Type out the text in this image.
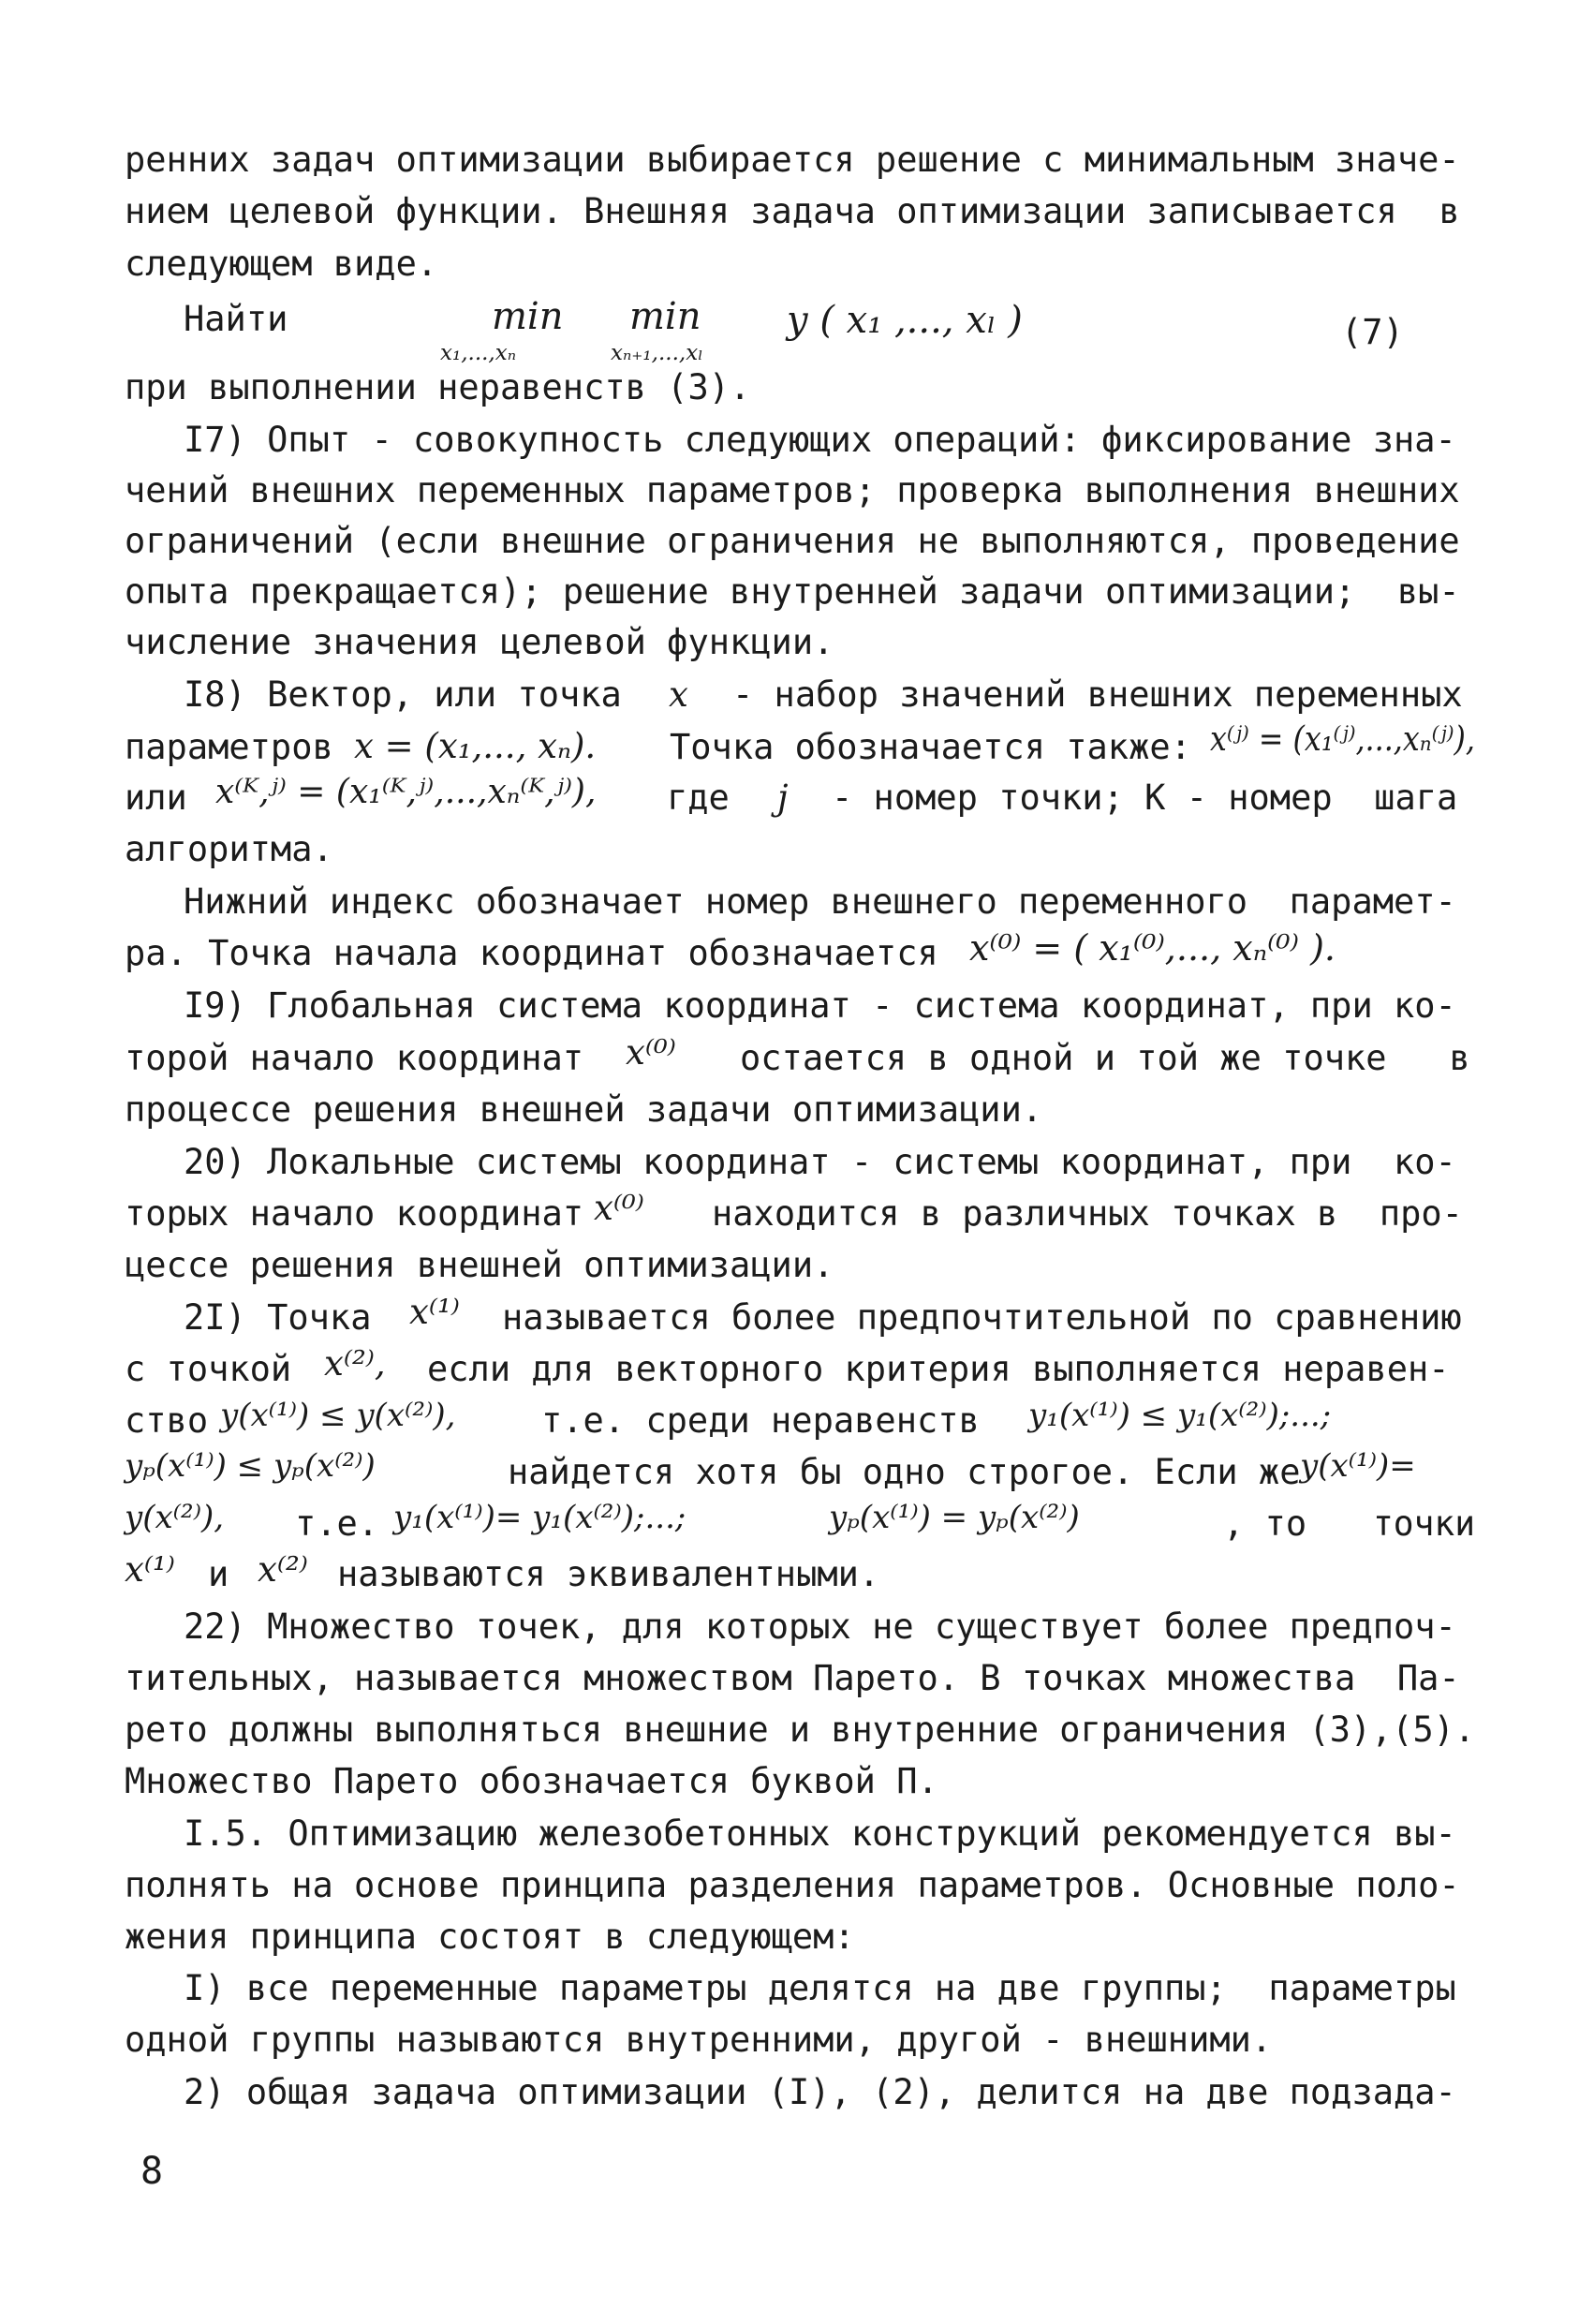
ренних задач оптимизации выбирается решение с минимальным значе-
нием целевой функции. Внешняя задача оптимизации записывается  в
следующем виде.
Найти	min min y ( x₁ ,..., xₗ )
x₁,...,xₙ	xₙ₊₁,...,xₗ
(7)
при выполнении неравенств (3).
I7) Опыт - совокупность следующих операций: фиксирование зна-
чений внешних переменных параметров; проверка выполнения внешних
ограничений (если внешние ограничения не выполняются, проведение
опыта прекращается); решение внутренней задачи оптимизации;  вы-
числение значения целевой функции.
I8) Вектор, или точка x - набор значений внешних переменных
параметров x = (x₁,..., xₙ). Точка обозначается также: x⁽ʲ⁾ = (x₁⁽ʲ⁾,...,xₙ⁽ʲ⁾),
или x⁽ᴷ,ʲ⁾ = (x₁⁽ᴷ,ʲ⁾,...,xₙ⁽ᴷ,ʲ⁾), где j - номер точки; К - номер  шага
алгоритма.
Нижний индекс обозначает номер внешнего переменного  парамет-
ра. Точка начала координат обозначается x⁽⁰⁾ = ( x₁⁽⁰⁾,..., xₙ⁽⁰⁾ ).
I9) Глобальная система координат - система координат, при ко-
торой начало координат x⁽⁰⁾ остается в одной и той же точке   в
процессе решения внешней задачи оптимизации.
20) Локальные системы координат - системы координат, при  ко-
торых начало координат x⁽⁰⁾ находится в различных точках в  про-
цессе решения внешней оптимизации.
2I) Точка x⁽¹⁾ называется более предпочтительной по сравнению
с точкой x⁽²⁾, если для векторного критерия выполняется неравен-
ство y(x⁽¹⁾) ≤ y(x⁽²⁾), т.е. среди неравенств y₁(x⁽¹⁾) ≤ y₁(x⁽²⁾);...;
yₚ(x⁽¹⁾) ≤ yₚ(x⁽²⁾)	найдется хотя бы одно строгое. Если же y(x⁽¹⁾)=
y(x⁽²⁾), т.е. y₁(x⁽¹⁾)= y₁(x⁽²⁾);...;	yₚ(x⁽¹⁾) = yₚ(x⁽²⁾)	, то точки
x⁽¹⁾ и x⁽²⁾ называются эквивалентными.
22) Множество точек, для которых не существует более предпоч-
тительных, называется множеством Парето. В точках множества  Па-
рето должны выполняться внешние и внутренние ограничения (3),(5).
Множество Парето обозначается буквой П.
I.5. Оптимизацию железобетонных конструкций рекомендуется вы-
полнять на основе принципа разделения параметров. Основные поло-
жения принципа состоят в следующем:
I) все переменные параметры делятся на две группы;  параметры
одной группы называются внутренними, другой - внешними.
2) общая задача оптимизации (I), (2), делится на две подзада-
8
